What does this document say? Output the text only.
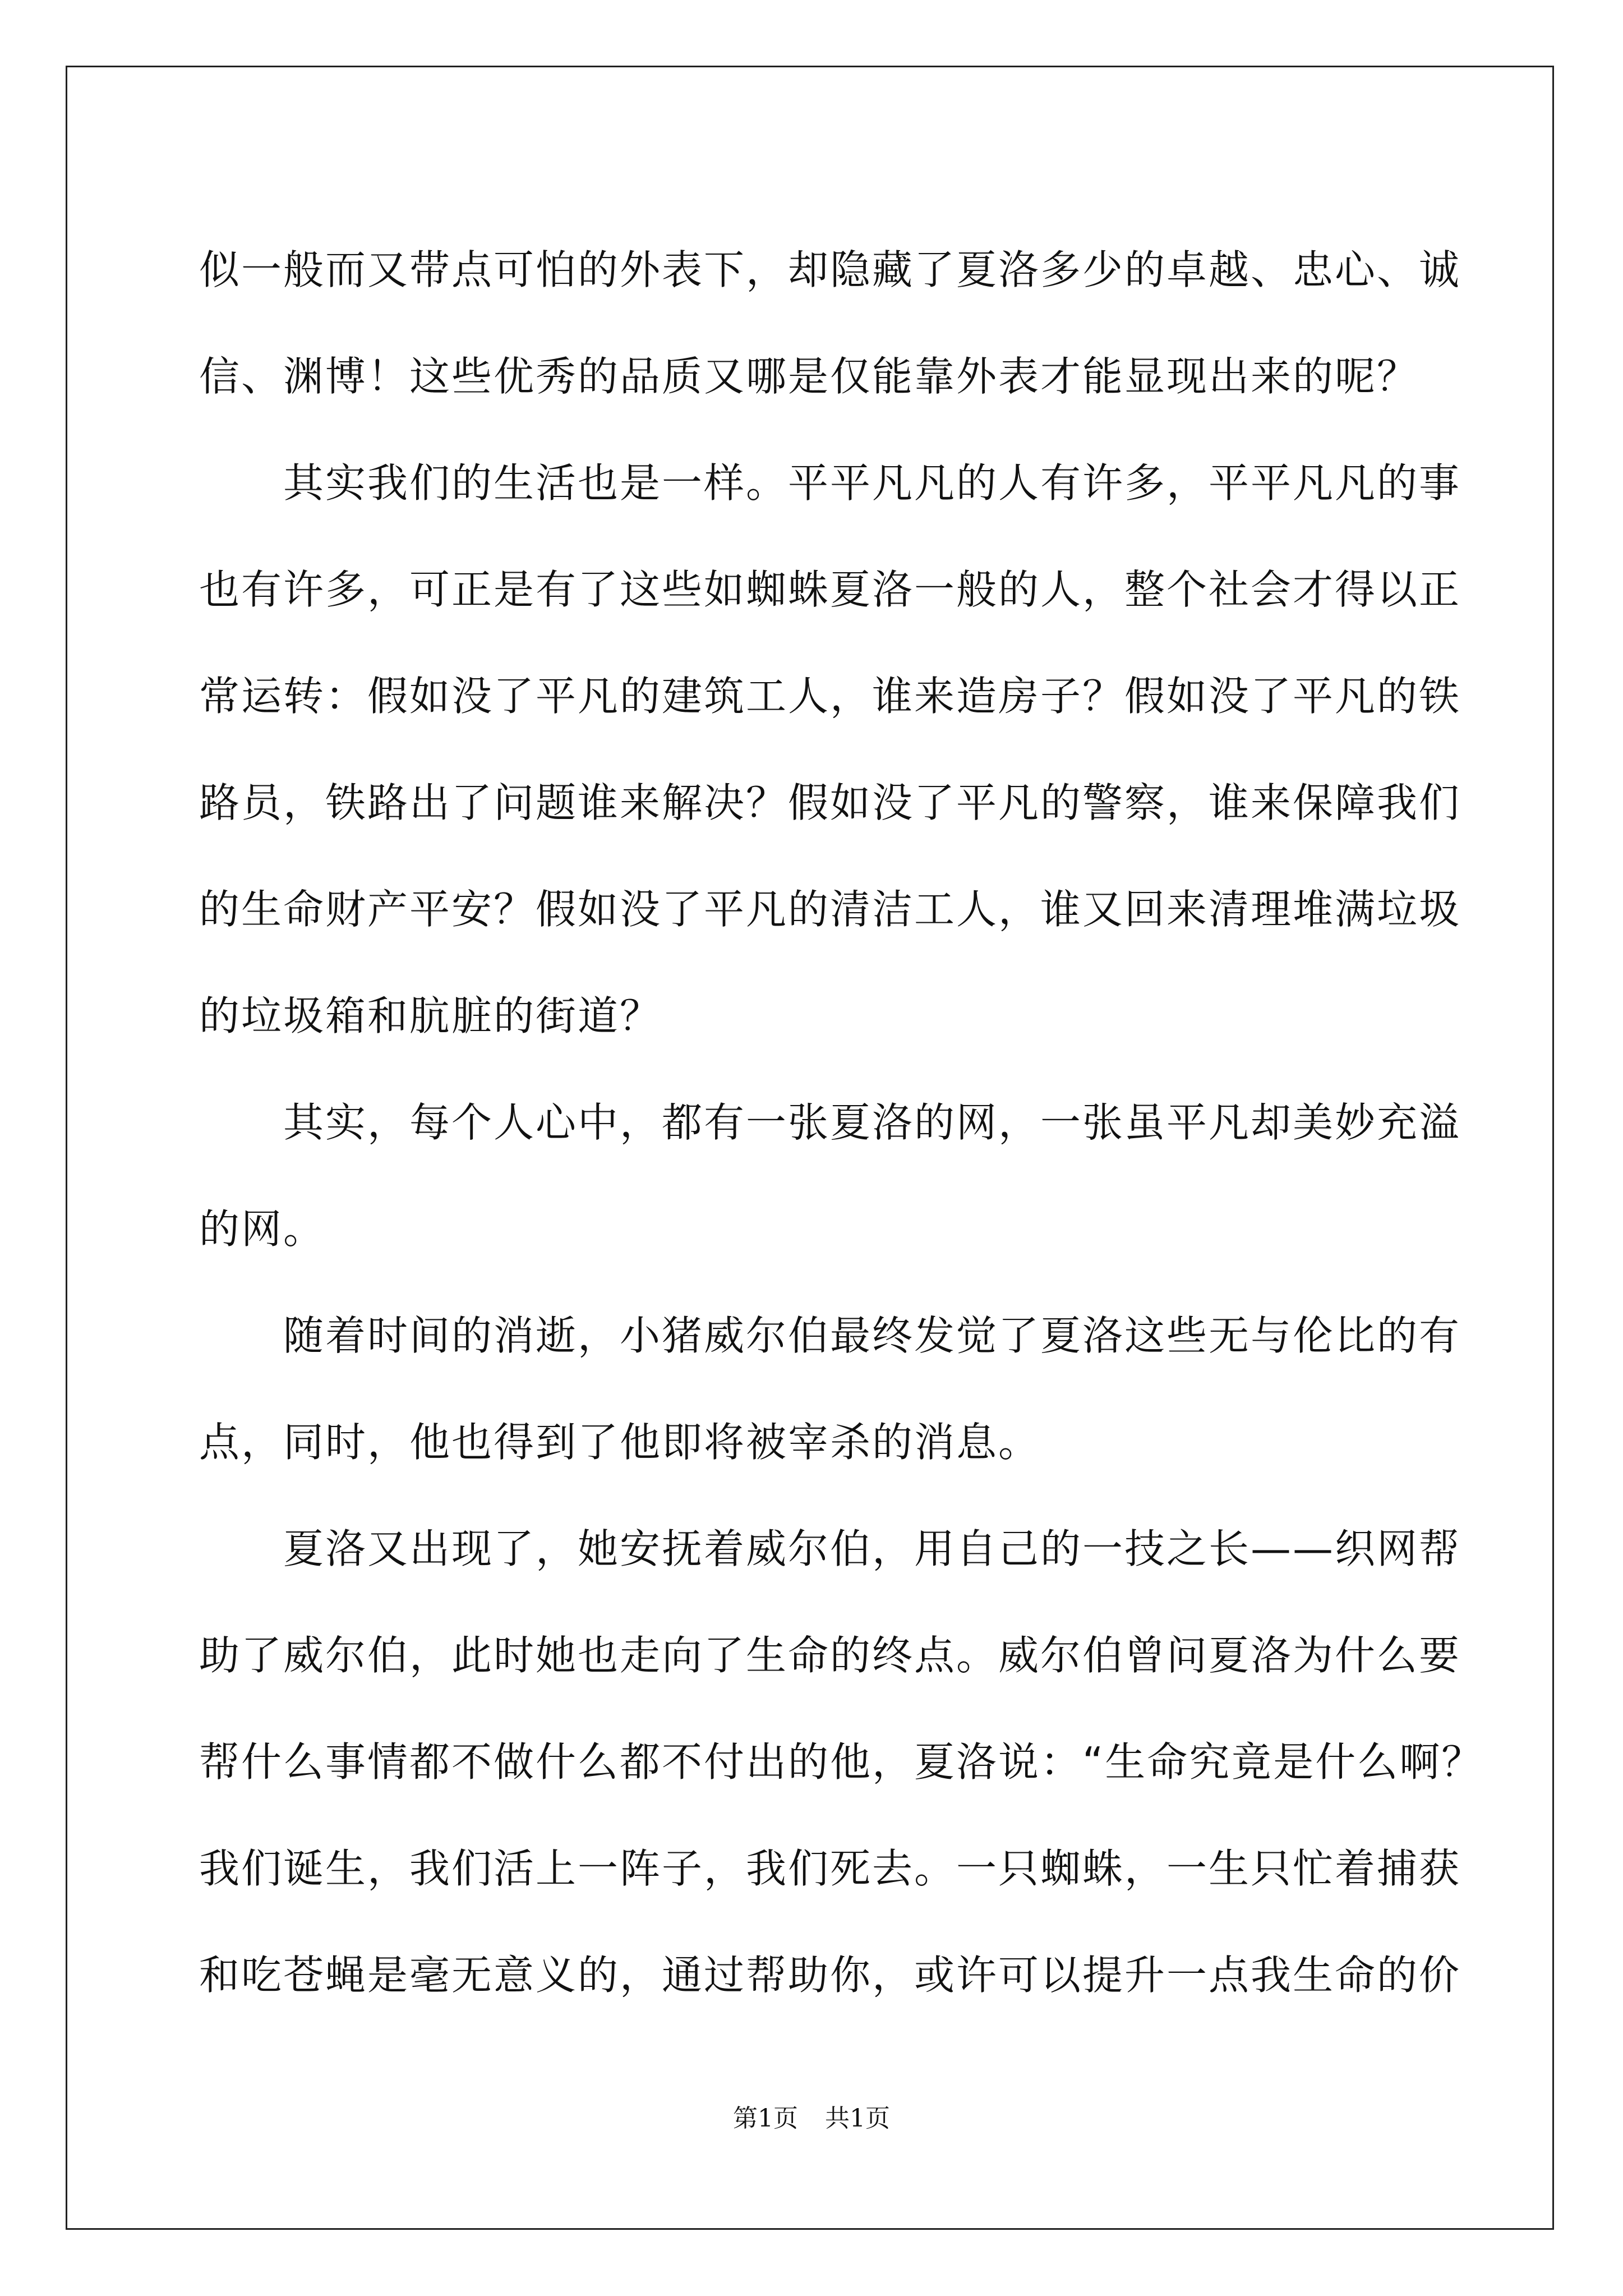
似一般而又带点可怕的外表下，却隐藏了夏洛多少的卓越、忠心、诚
信、渊博！这些优秀的品质又哪是仅能靠外表才能显现出来的呢？
其实我们的生活也是一样。平平凡凡的人有许多，平平凡凡的事
也有许多，可正是有了这些如蜘蛛夏洛一般的人，整个社会才得以正
常运转：假如没了平凡的建筑工人，谁来造房子？假如没了平凡的铁
路员，铁路出了问题谁来解决？假如没了平凡的警察，谁来保障我们
的生命财产平安？假如没了平凡的清洁工人，谁又回来清理堆满垃圾
的垃圾箱和肮脏的街道？
其实，每个人心中，都有一张夏洛的网，一张虽平凡却美妙充溢
的网。
随着时间的消逝，小猪威尔伯最终发觉了夏洛这些无与伦比的有
点，同时，他也得到了他即将被宰杀的消息。
夏洛又出现了，她安抚着威尔伯，用自己的一技之长——织网帮
助了威尔伯，此时她也走向了生命的终点。威尔伯曾问夏洛为什么要
帮什么事情都不做什么都不付出的他，夏洛说：“生命究竟是什么啊？
我们诞生，我们活上一阵子，我们死去。一只蜘蛛，一生只忙着捕获
和吃苍蝇是毫无意义的，通过帮助你，或许可以提升一点我生命的价
第1页 共1页
